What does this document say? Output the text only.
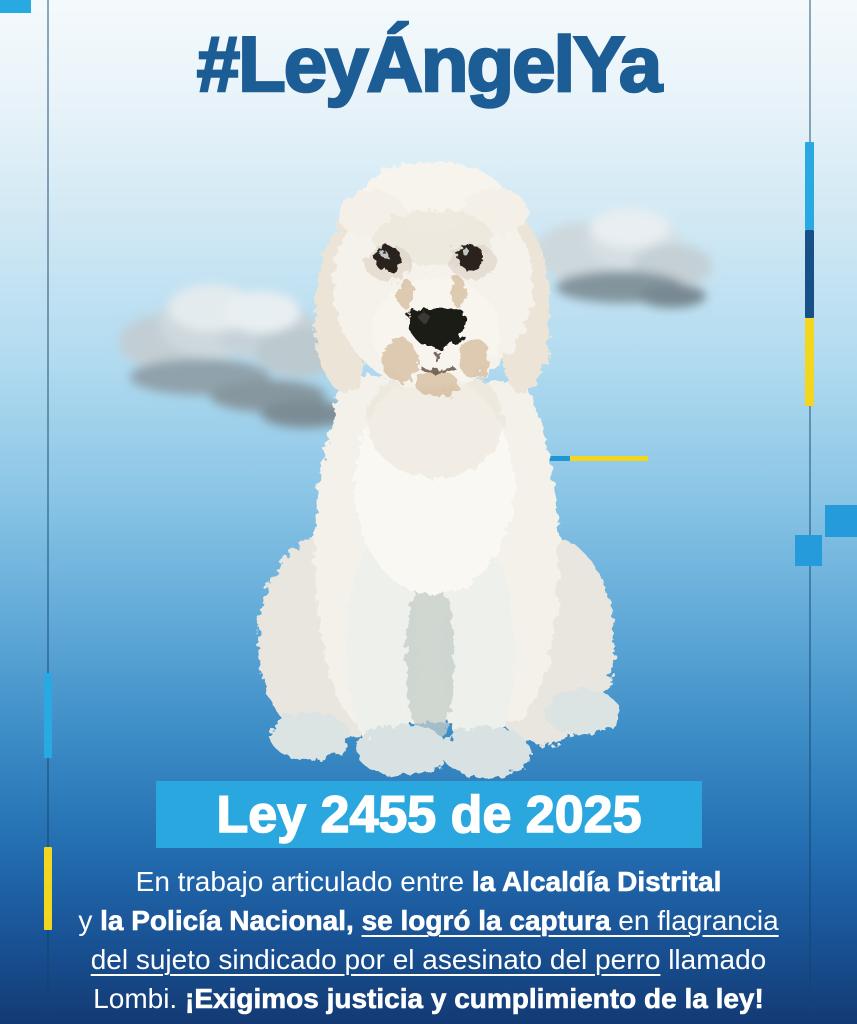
#LeyÁngelYa
Ley 2455 de 2025
En trabajo articulado entre la Alcaldía Distrital
y la Policía Nacional, se logró la captura en flagrancia
del sujeto sindicado por el asesinato del perro llamado
Lombi. ¡Exigimos justicia y cumplimiento de la ley!
